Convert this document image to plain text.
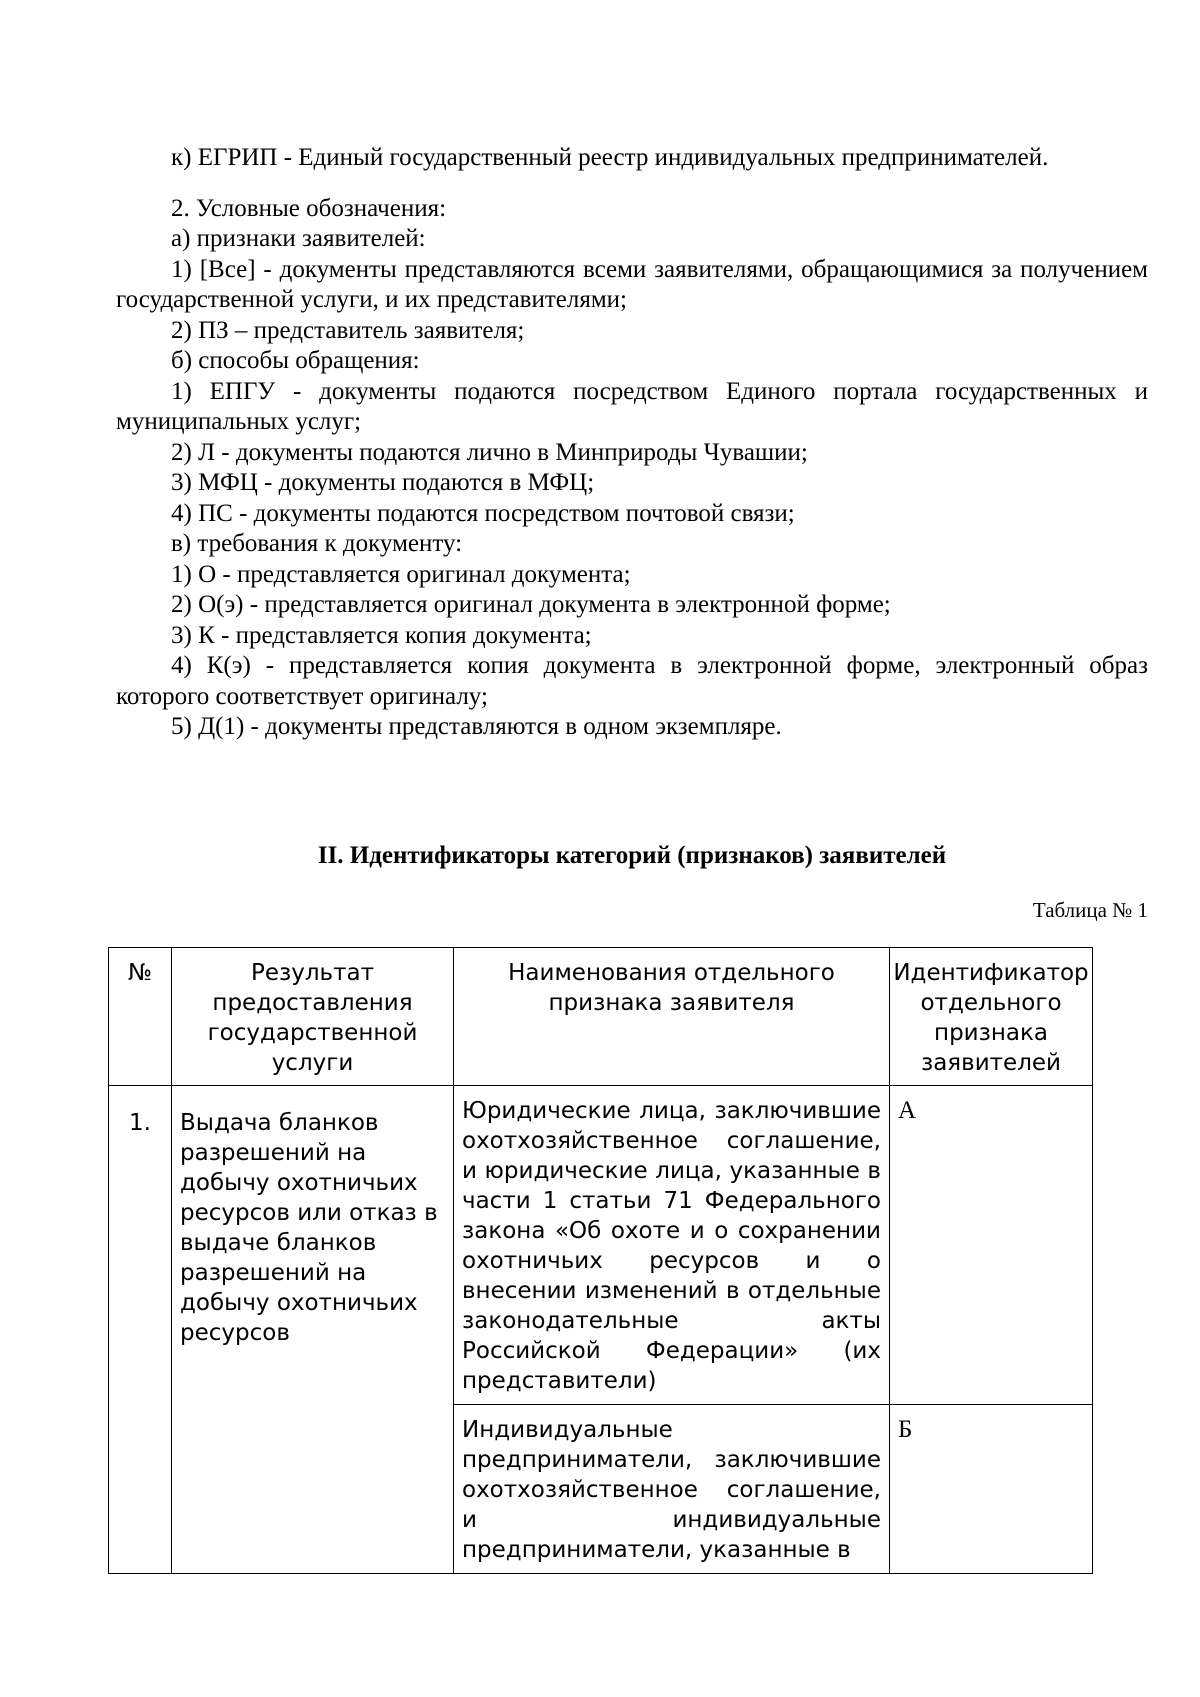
к) ЕГРИП - Единый государственный реестр индивидуальных предпринимателей.

2. Условные обозначения:

а) признаки заявителей:

1) [Все] - документы представляются всеми заявителями, обращающимися за получением государственной услуги, и их представителями;

2) ПЗ – представитель заявителя;

б) способы обращения:

1) ЕПГУ - документы подаются посредством Единого портала государственных и муниципальных услуг;

2) Л - документы подаются лично в Минприроды Чувашии;

3) МФЦ - документы подаются в МФЦ;

4) ПС - документы подаются посредством почтовой связи;

в) требования к документу:

1) О - представляется оригинал документа;

2) О(э) - представляется оригинал документа в электронной форме;

3) К - представляется копия документа;

4) К(э) - представляется копия документа в электронной форме, электронный образ которого соответствует оригиналу;

5) Д(1) - документы представляются в одном экземпляре.

II. Идентификаторы категорий (признаков) заявителей
Таблица № 1
№	Результат предоставления государственной услуги	Наименования отдельного признака заявителя	Идентификатор отдельного признака заявителей
1.	Выдача бланков разрешений на добычу охотничьих ресурсов или отказ в выдаче бланков разрешений на добычу охотничьих ресурсов	Юридические лица, заключившие охотхозяйственное соглашение, и юридические лица, указанные в части 1 статьи 71 Федерального закона «Об охоте и о сохранении охотничьих ресурсов и о внесении изменений в отдельные законодательные акты Российской Федерации» (их представители)	А
		Индивидуальные предприниматели, заключившие охотхозяйственное соглашение, и индивидуальные предприниматели, указанные в	Б
